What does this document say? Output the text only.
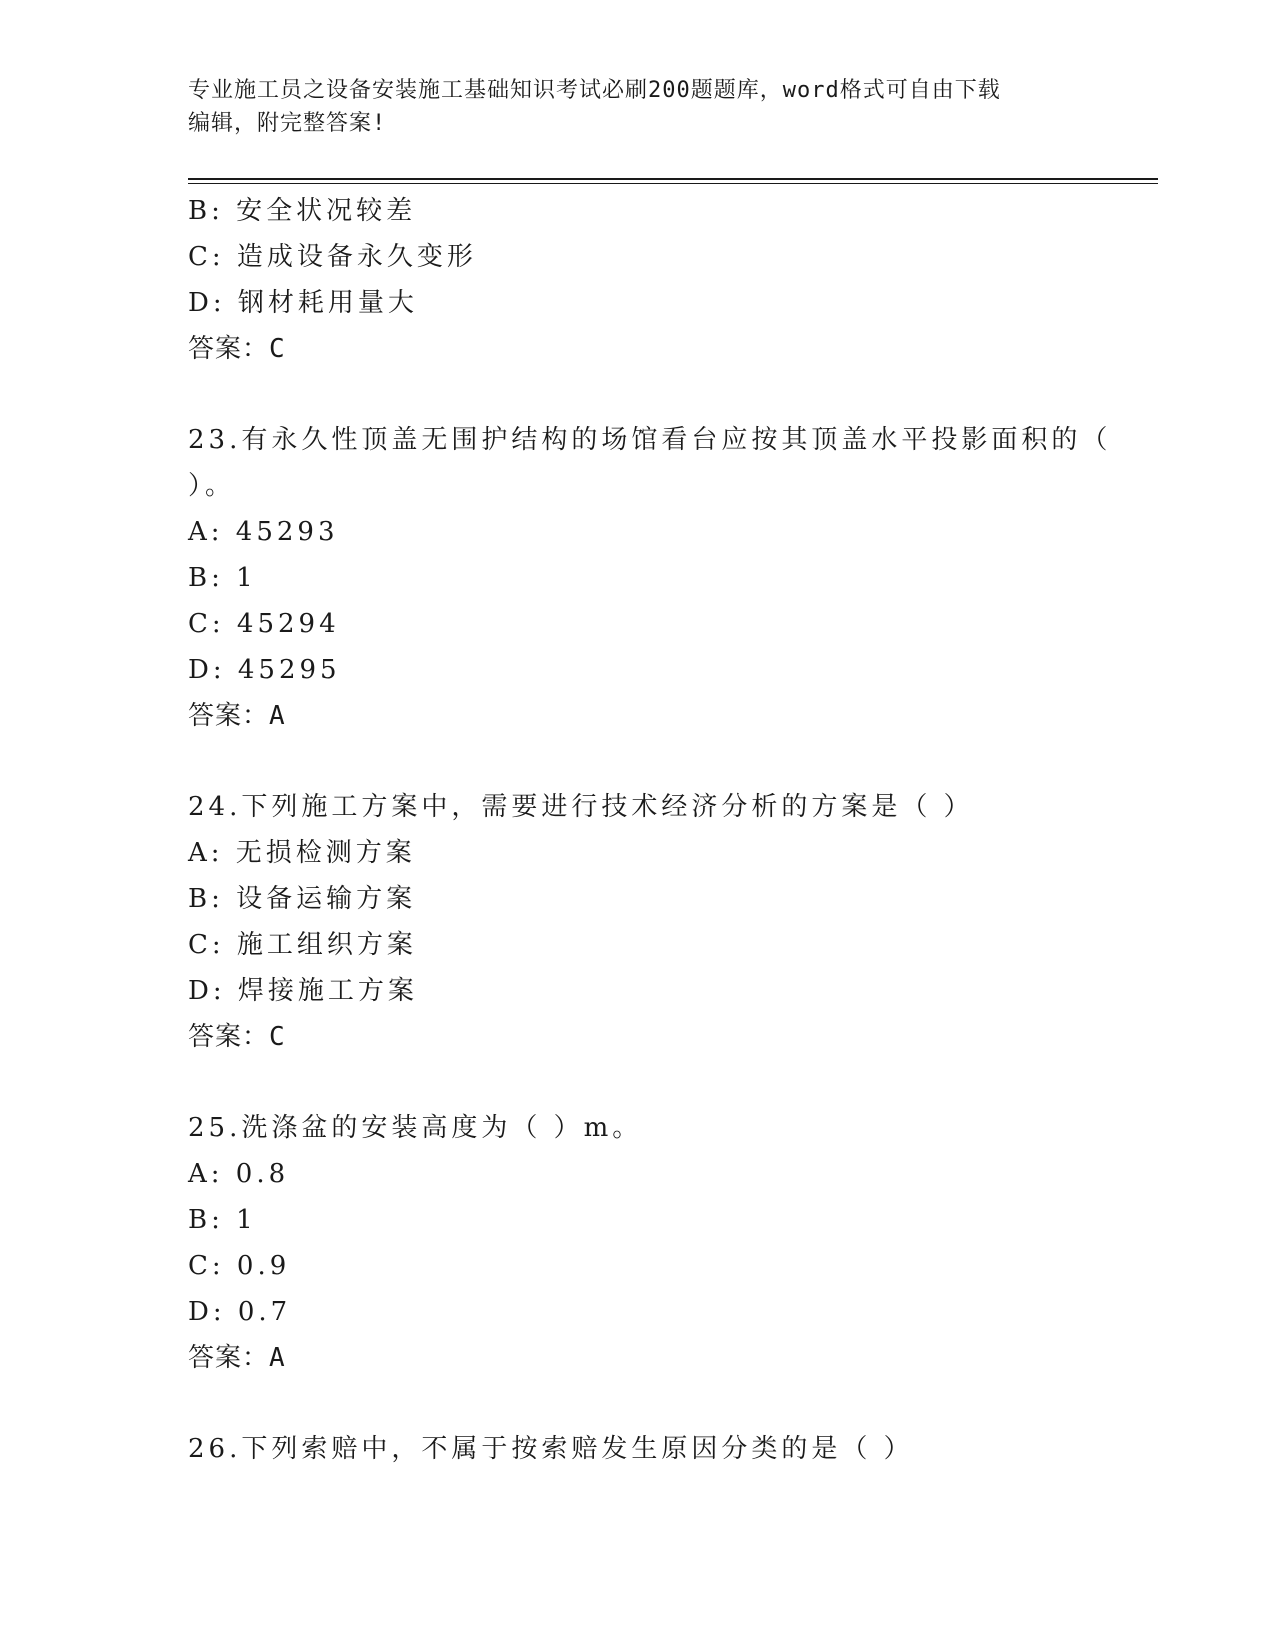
专业施工员之设备安装施工基础知识考试必刷200题题库，word格式可自由下载
编辑，附完整答案!
B: 安全状况较差
C: 造成设备永久变形
D: 钢材耗用量大
答案：C
23.有永久性顶盖无围护结构的场馆看台应按其顶盖水平投影面积的（
）。
A: 45293
B: 1
C: 45294
D: 45295
答案：A
24.下列施工方案中，需要进行技术经济分析的方案是（ ）
A: 无损检测方案
B: 设备运输方案
C: 施工组织方案
D: 焊接施工方案
答案：C
25.洗涤盆的安装高度为（ ）m。
A: 0.8
B: 1
C: 0.9
D: 0.7
答案：A
26.下列索赔中，不属于按索赔发生原因分类的是（ ）
